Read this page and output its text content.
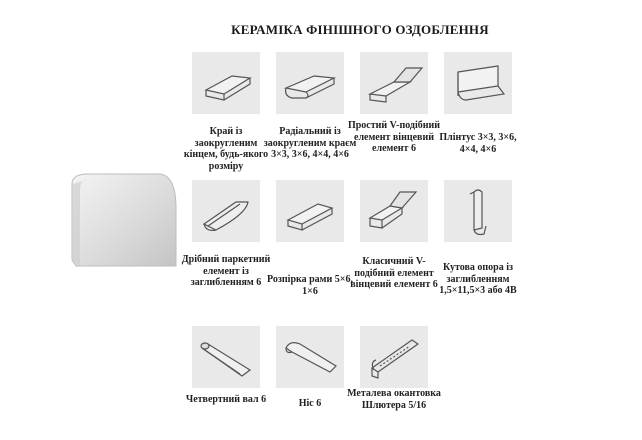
КЕРАМІКА ФІНІШНОГО ОЗДОБЛЕННЯ
Край із заокругленим кінцем, будь-якого розміру
Радіальний із заокругленим краєм 3×3, 3×6, 4×4, 4×6
Простий V-подібний елемент вінцевий елемент 6
Плінтус 3×3, 3×6, 4×4, 4×6
Дрібний паркетний елемент із заглибленням 6 Розпірка рами 5×6, 1×6
Класичний V-подібний елемент вінцевий елемент 6
Кутова опора із заглибленням 1,5×11,5×3 або 4В
Четвертний вал 6	Ніс 6
Металева окантовка Шлютера 5/16
